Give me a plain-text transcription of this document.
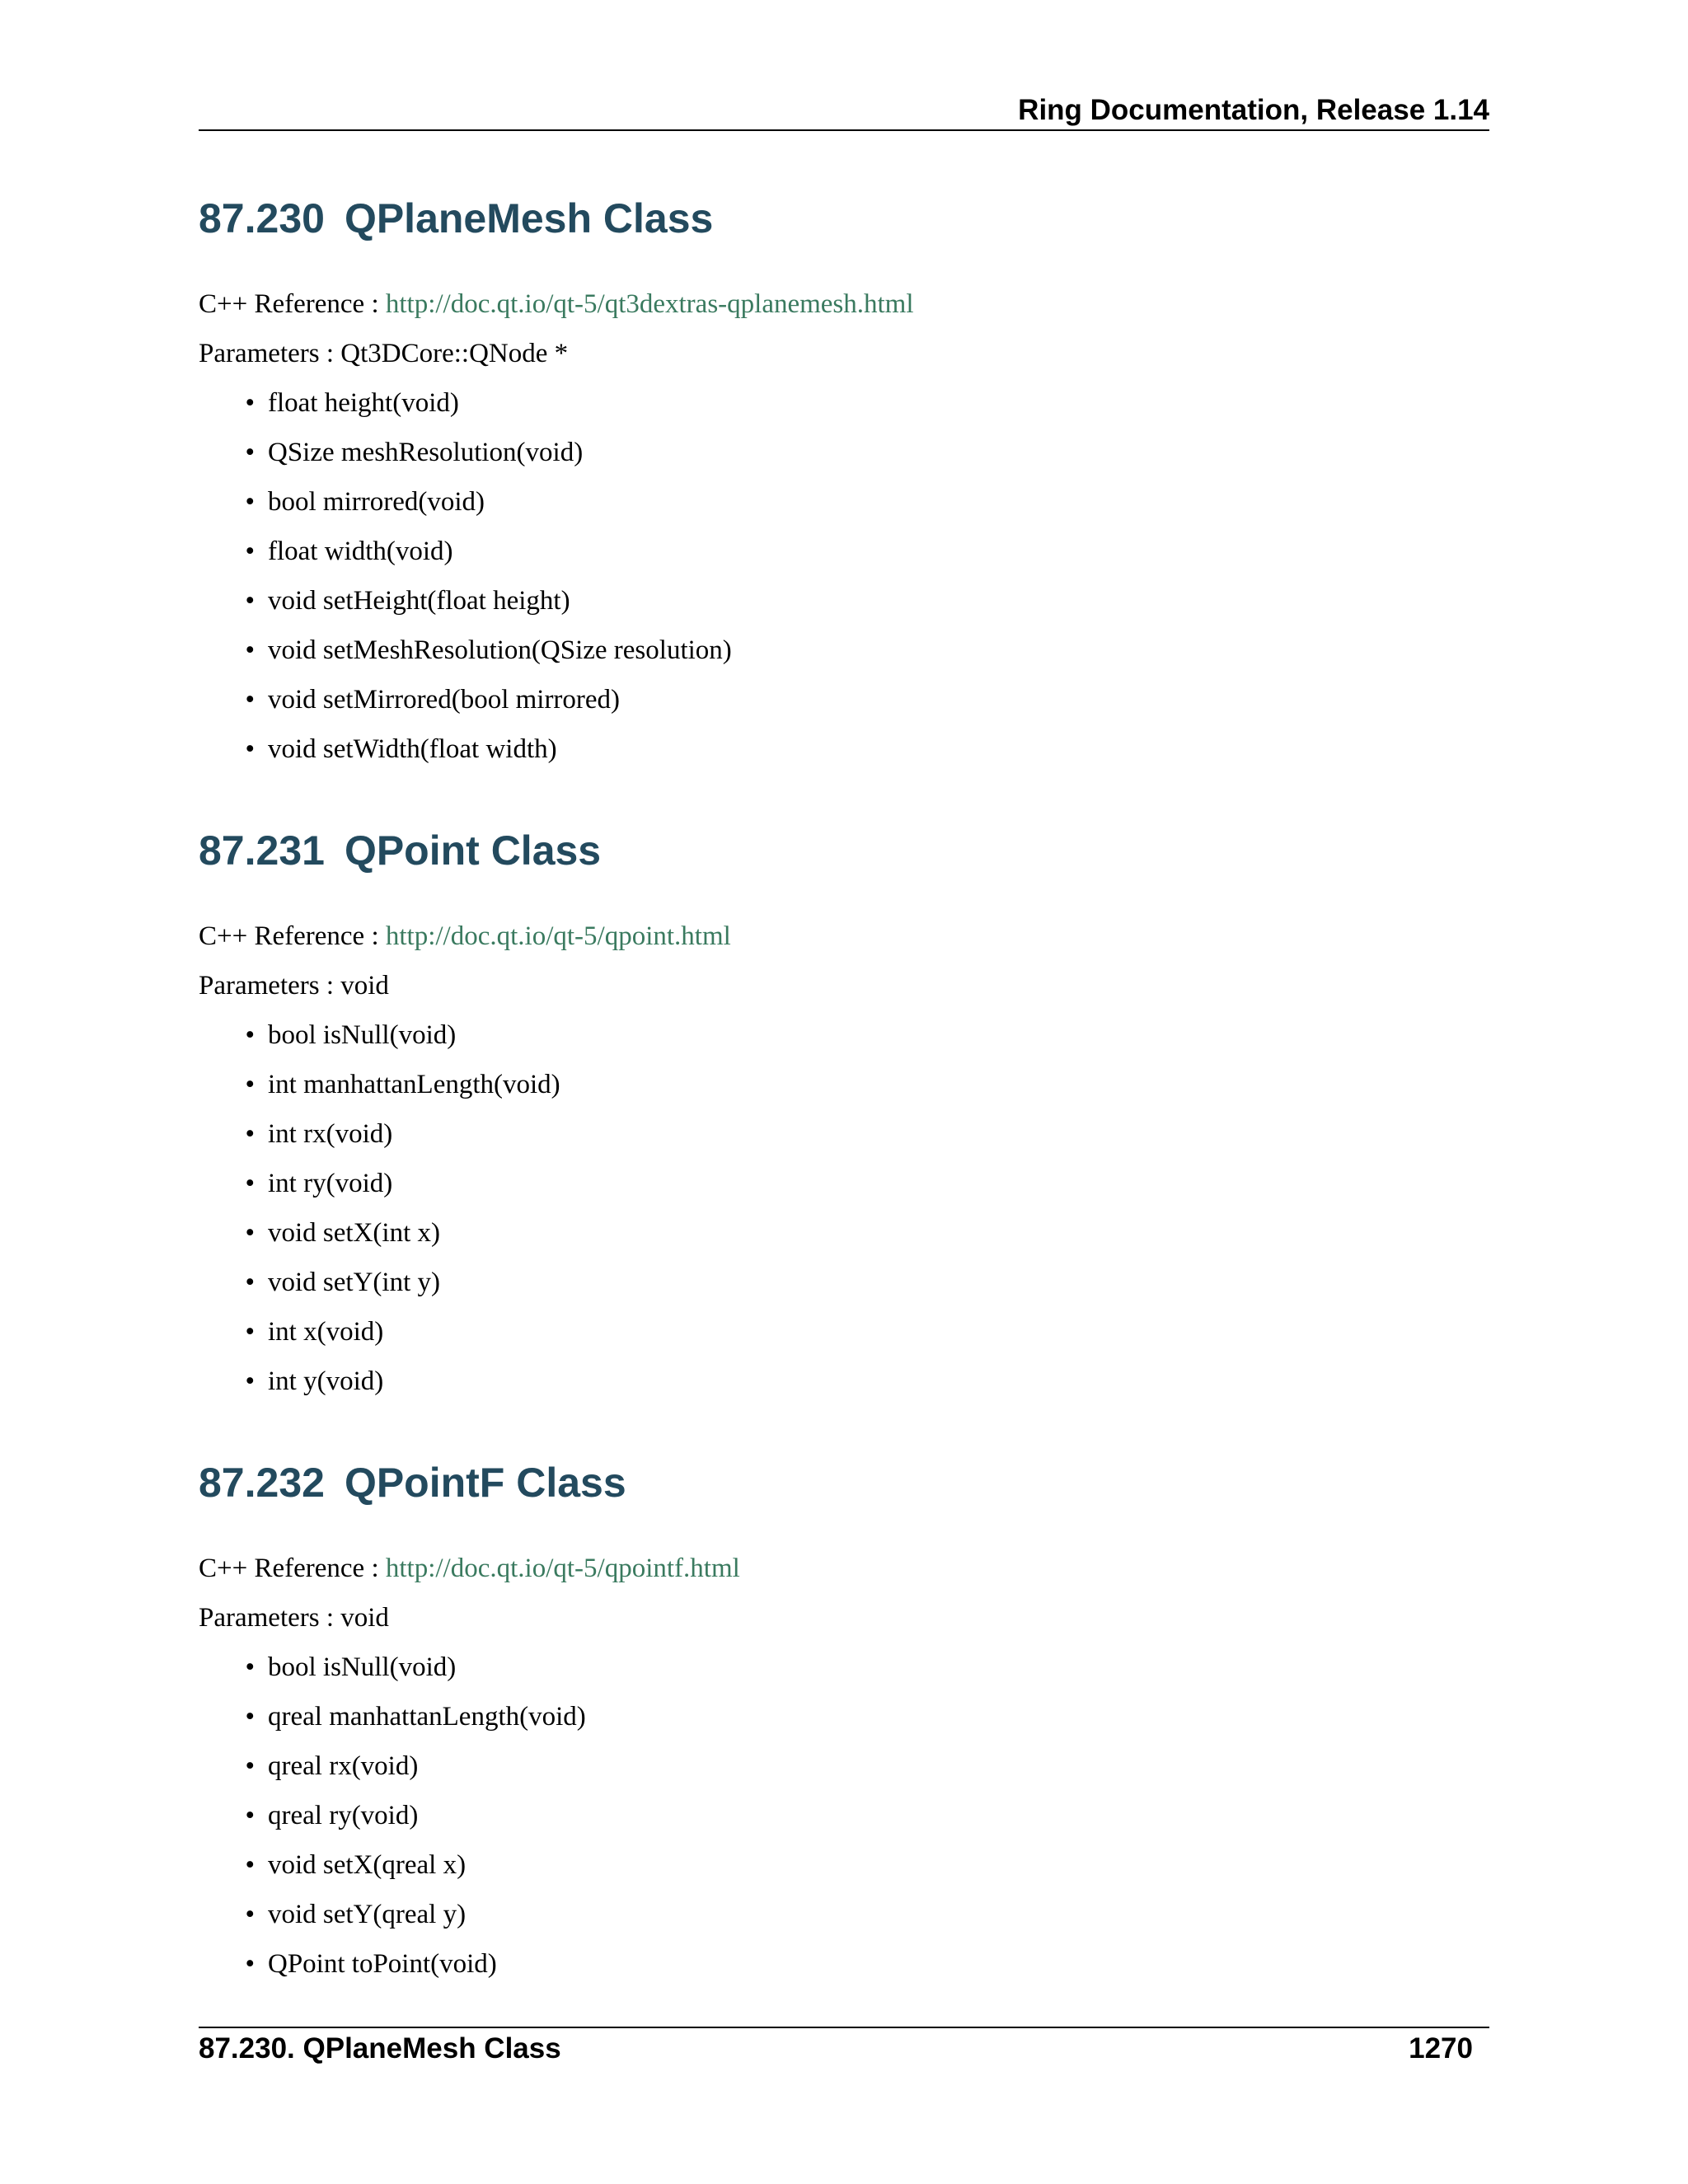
Ring Documentation, Release 1.14
87.230 QPlaneMesh Class
C++ Reference : http://doc.qt.io/qt-5/qt3dextras-qplanemesh.html
Parameters : Qt3DCore::QNode *
• float height(void)
• QSize meshResolution(void)
• bool mirrored(void)
• float width(void)
• void setHeight(float height)
• void setMeshResolution(QSize resolution)
• void setMirrored(bool mirrored)
• void setWidth(float width)
87.231 QPoint Class
C++ Reference : http://doc.qt.io/qt-5/qpoint.html
Parameters : void
• bool isNull(void)
• int manhattanLength(void)
• int rx(void)
• int ry(void)
• void setX(int x)
• void setY(int y)
• int x(void)
• int y(void)
87.232 QPointF Class
C++ Reference : http://doc.qt.io/qt-5/qpointf.html
Parameters : void
• bool isNull(void)
• qreal manhattanLength(void)
• qreal rx(void)
• qreal ry(void)
• void setX(qreal x)
• void setY(qreal y)
• QPoint toPoint(void)
87.230. QPlaneMesh Class	1270
